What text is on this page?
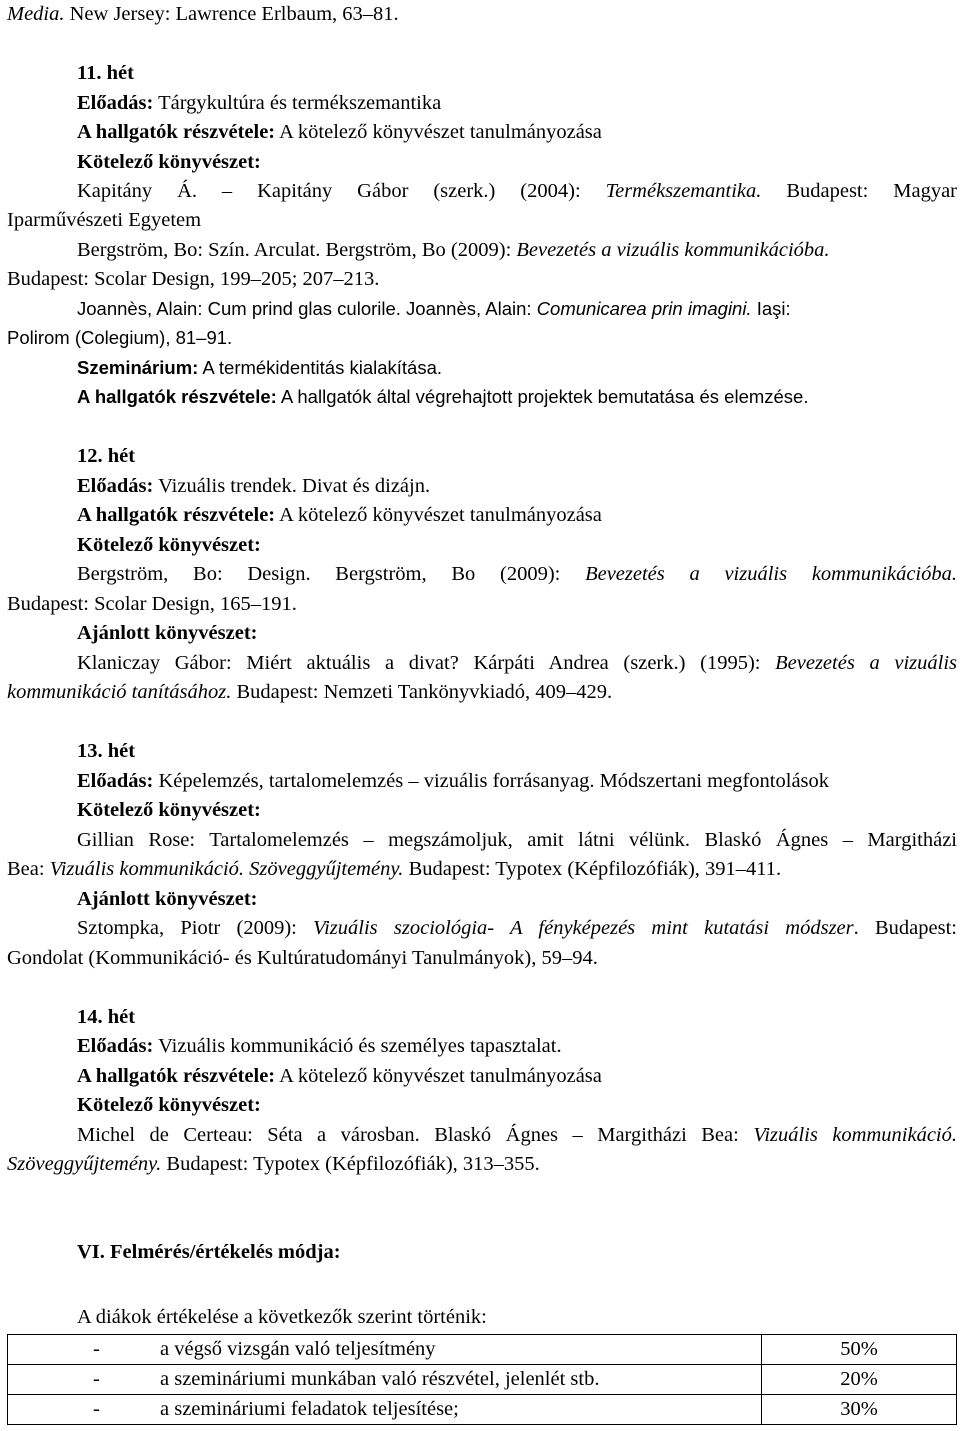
Media. New Jersey: Lawrence Erlbaum, 63–81.
11. hét
Előadás: Tárgykultúra és termékszemantika
A hallgatók részvétele: A kötelező könyvészet tanulmányozása
Kötelező könyvészet:
Kapitány Á. – Kapitány Gábor (szerk.) (2004): Termékszemantika. Budapest: Magyar
Iparművészeti Egyetem
Bergström, Bo: Szín. Arculat. Bergström, Bo (2009): Bevezetés a vizuális kommunikációba.
Budapest: Scolar Design, 199–205; 207–213.
Joannès, Alain: Cum prind glas culorile. Joannès, Alain: Comunicarea prin imagini. Iaşi:
Polirom (Colegium), 81–91.
Szeminárium: A termékidentitás kialakítása.
A hallgatók részvétele: A hallgatók által végrehajtott projektek bemutatása és elemzése.
12. hét
Előadás: Vizuális trendek. Divat és dizájn.
A hallgatók részvétele: A kötelező könyvészet tanulmányozása
Kötelező könyvészet:
Bergström, Bo: Design. Bergström, Bo (2009): Bevezetés a vizuális kommunikációba.
Budapest: Scolar Design, 165–191.
Ajánlott könyvészet:
Klaniczay Gábor: Miért aktuális a divat? Kárpáti Andrea (szerk.) (1995): Bevezetés a vizuális
kommunikáció tanításához. Budapest: Nemzeti Tankönyvkiadó, 409–429.
13. hét
Előadás: Képelemzés, tartalomelemzés – vizuális forrásanyag. Módszertani megfontolások
Kötelező könyvészet:
Gillian Rose: Tartalomelemzés – megszámoljuk, amit látni vélünk. Blaskó Ágnes – Margitházi
Bea: Vizuális kommunikáció. Szöveggyűjtemény. Budapest: Typotex (Képfilozófiák), 391–411.
Ajánlott könyvészet:
Sztompka, Piotr (2009): Vizuális szociológia- A fényképezés mint kutatási módszer. Budapest:
Gondolat (Kommunikáció- és Kultúratudományi Tanulmányok), 59–94.
14. hét
Előadás: Vizuális kommunikáció és személyes tapasztalat.
A hallgatók részvétele: A kötelező könyvészet tanulmányozása
Kötelező könyvészet:
Michel de Certeau: Séta a városban. Blaskó Ágnes – Margitházi Bea: Vizuális kommunikáció.
Szöveggyűjtemény. Budapest: Typotex (Képfilozófiák), 313–355.
VI. Felmérés/értékelés módja:
A diákok értékelése a következők szerint történik:
- a végső vizsgán való teljesítmény	50%
- a szemináriumi munkában való részvétel, jelenlét stb.	20%
- a szemináriumi feladatok teljesítése;	30%
